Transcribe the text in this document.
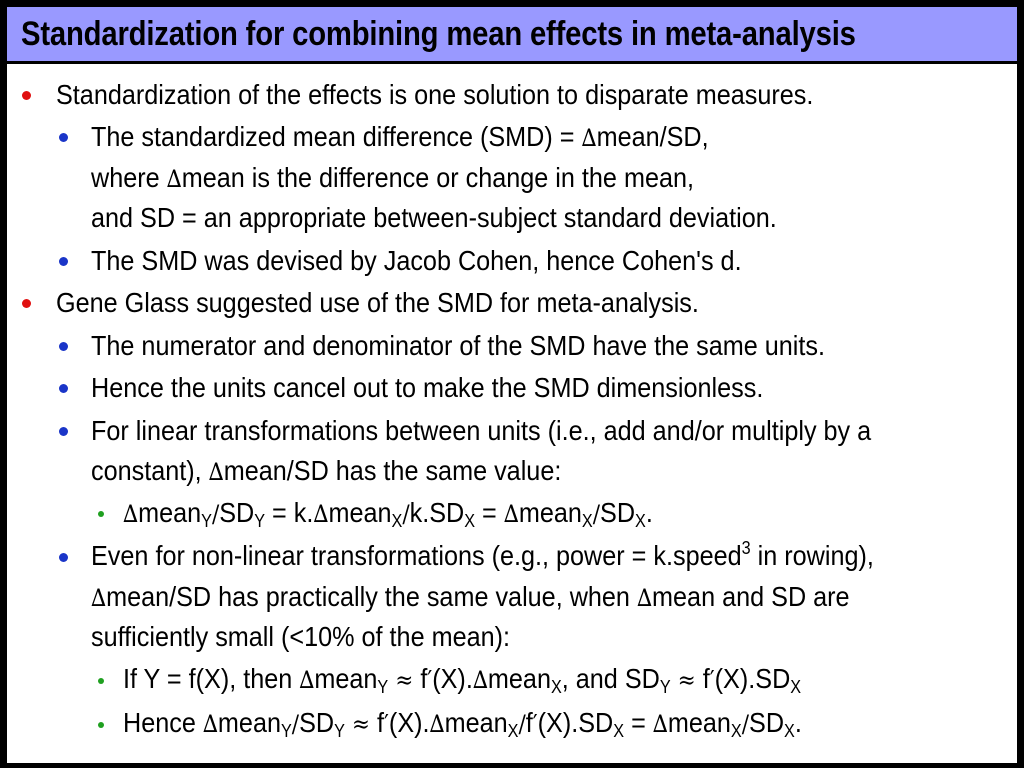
Standardization for combining mean effects in meta-analysis
Standardization of the effects is one solution to disparate measures.
The standardized mean difference (SMD) = ∆mean/SD,
where ∆mean is the difference or change in the mean,
and SD = an appropriate between-subject standard deviation.
The SMD was devised by Jacob Cohen, hence Cohen's d.
Gene Glass suggested use of the SMD for meta-analysis.
The numerator and denominator of the SMD have the same units.
Hence the units cancel out to make the SMD dimensionless.
For linear transformations between units (i.e., add and/or multiply by a
constant), ∆mean/SD has the same value:
$\Delta mean_Y∕SD_Y$ = $k.\Delta mean_X∕k.SD_X$ = $\Delta mean_X∕SD_X$.
Even for non-linear transformations (e.g., power = k.speed$^3$ in rowing),
∆mean/SD has practically the same value, when ∆mean and SD are
sufficiently small (<10% of the mean):
If Y = f(X), then ∆mean$_Y$ ≈ f′(X).∆mean$_X$, and $SD_Y \approx f'(X).SD_X$
Hence $\Delta mean_Y∕SD_Y$ ≈ $f'(X).\Delta mean_X∕f'(X).SD_X$ = $\Delta mean_X∕SD_X$.
